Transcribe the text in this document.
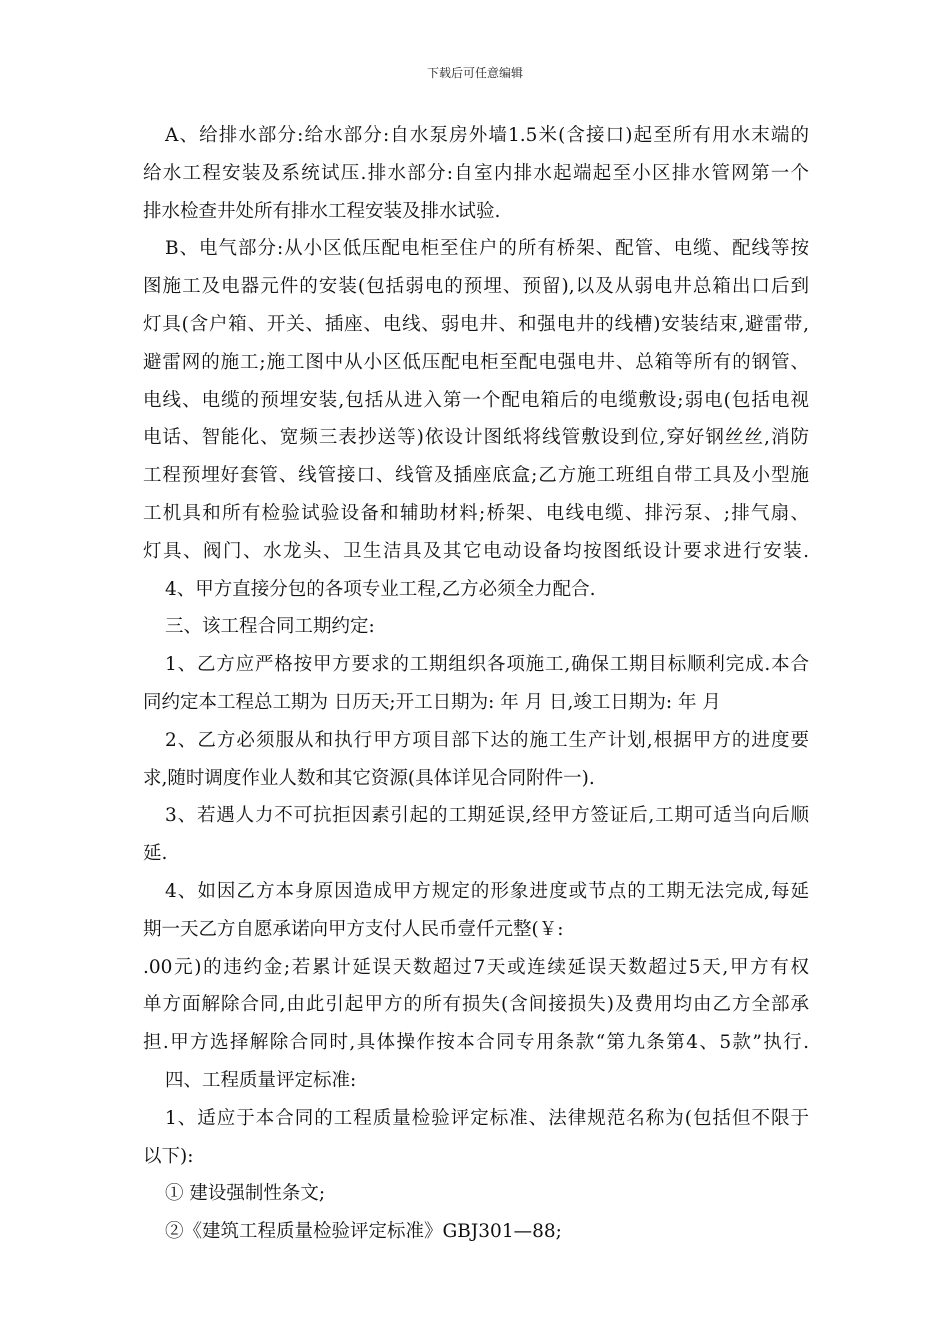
下载后可任意编辑
A、给排水部分:给水部分:自水泵房外墙1.5米(含接口)起至所有用水末端的
给水工程安装及系统试压.排水部分:自室内排水起端起至小区排水管网第一个
排水检查井处所有排水工程安装及排水试验.
B、电气部分:从小区低压配电柜至住户的所有桥架、配管、电缆、配线等按
图施工及电器元件的安装(包括弱电的预埋、预留),以及从弱电井总箱出口后到
灯具(含户箱、开关、插座、电线、弱电井、和强电井的线槽)安装结束,避雷带,
避雷网的施工;施工图中从小区低压配电柜至配电强电井、总箱等所有的钢管、
电线、电缆的预埋安装,包括从进入第一个配电箱后的电缆敷设;弱电(包括电视
电话、智能化、宽频三表抄送等)依设计图纸将线管敷设到位,穿好钢丝丝,消防
工程预埋好套管、线管接口、线管及插座底盒;乙方施工班组自带工具及小型施
工机具和所有检验试验设备和辅助材料;桥架、电线电缆、排污泵、;排气扇、
灯具、阀门、水龙头、卫生洁具及其它电动设备均按图纸设计要求进行安装.
4、甲方直接分包的各项专业工程,乙方必须全力配合.
三、该工程合同工期约定:
1、乙方应严格按甲方要求的工期组织各项施工,确保工期目标顺利完成.本合
同约定本工程总工期为 日历天;开工日期为: 年 月 日,竣工日期为: 年 月
2、乙方必须服从和执行甲方项目部下达的施工生产计划,根据甲方的进度要
求,随时调度作业人数和其它资源(具体详见合同附件一).
3、若遇人力不可抗拒因素引起的工期延误,经甲方签证后,工期可适当向后顺
延.
4、如因乙方本身原因造成甲方规定的形象进度或节点的工期无法完成,每延
期一天乙方自愿承诺向甲方支付人民币壹仟元整(￥:
.00元)的违约金;若累计延误天数超过7天或连续延误天数超过5天,甲方有权
单方面解除合同,由此引起甲方的所有损失(含间接损失)及费用均由乙方全部承
担.甲方选择解除合同时,具体操作按本合同专用条款“第九条第4、5款”执行.
四、工程质量评定标准:
1、适应于本合同的工程质量检验评定标准、法律规范名称为(包括但不限于
以下):
① 建设强制性条文;
②《建筑工程质量检验评定标准》GBJ301—88;
